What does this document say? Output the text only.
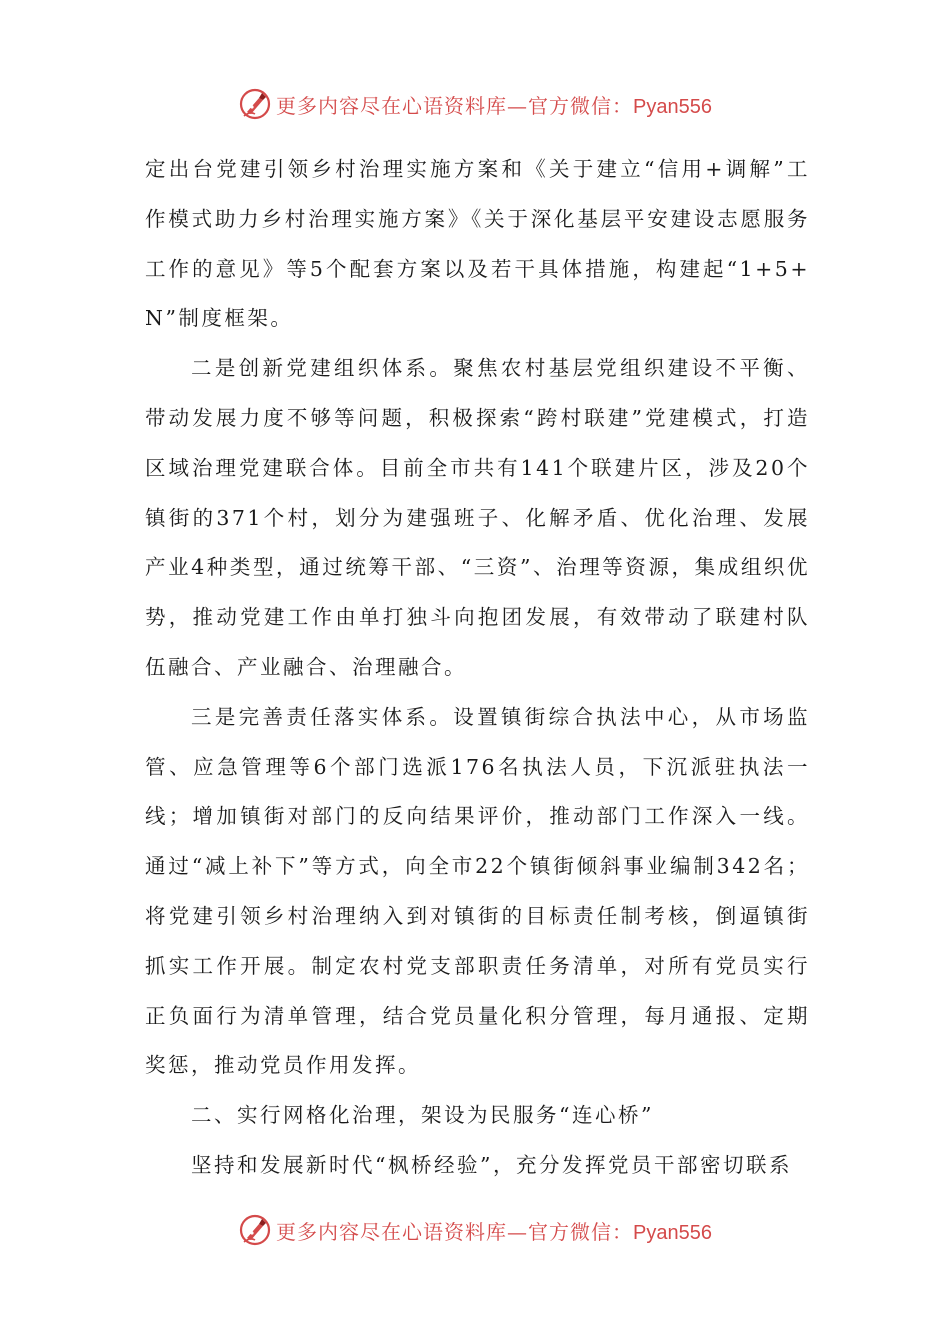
更多内容尽在心语资料库—官方微信：Pyan556

定出台党建引领乡村治理实施方案和《关于建立“信用+调解”工作模式助力乡村治理实施方案》《关于深化基层平安建设志愿服务工作的意见》等5个配套方案以及若干具体措施，构建起“1+5+N”制度框架。

二是创新党建组织体系。聚焦农村基层党组织建设不平衡、带动发展力度不够等问题，积极探索“跨村联建”党建模式，打造区域治理党建联合体。目前全市共有141个联建片区，涉及20个镇街的371个村，划分为建强班子、化解矛盾、优化治理、发展产业4种类型，通过统筹干部、“三资”、治理等资源，集成组织优势，推动党建工作由单打独斗向抱团发展，有效带动了联建村队伍融合、产业融合、治理融合。

三是完善责任落实体系。设置镇街综合执法中心，从市场监管、应急管理等6个部门选派176名执法人员，下沉派驻执法一线；增加镇街对部门的反向结果评价，推动部门工作深入一线。通过“减上补下”等方式，向全市22个镇街倾斜事业编制342名；将党建引领乡村治理纳入到对镇街的目标责任制考核，倒逼镇街抓实工作开展。制定农村党支部职责任务清单，对所有党员实行正负面行为清单管理，结合党员量化积分管理，每月通报、定期奖惩，推动党员作用发挥。

二、实行网格化治理，架设为民服务“连心桥”

坚持和发展新时代“枫桥经验”，充分发挥党员干部密切联系

更多内容尽在心语资料库—官方微信：Pyan556
